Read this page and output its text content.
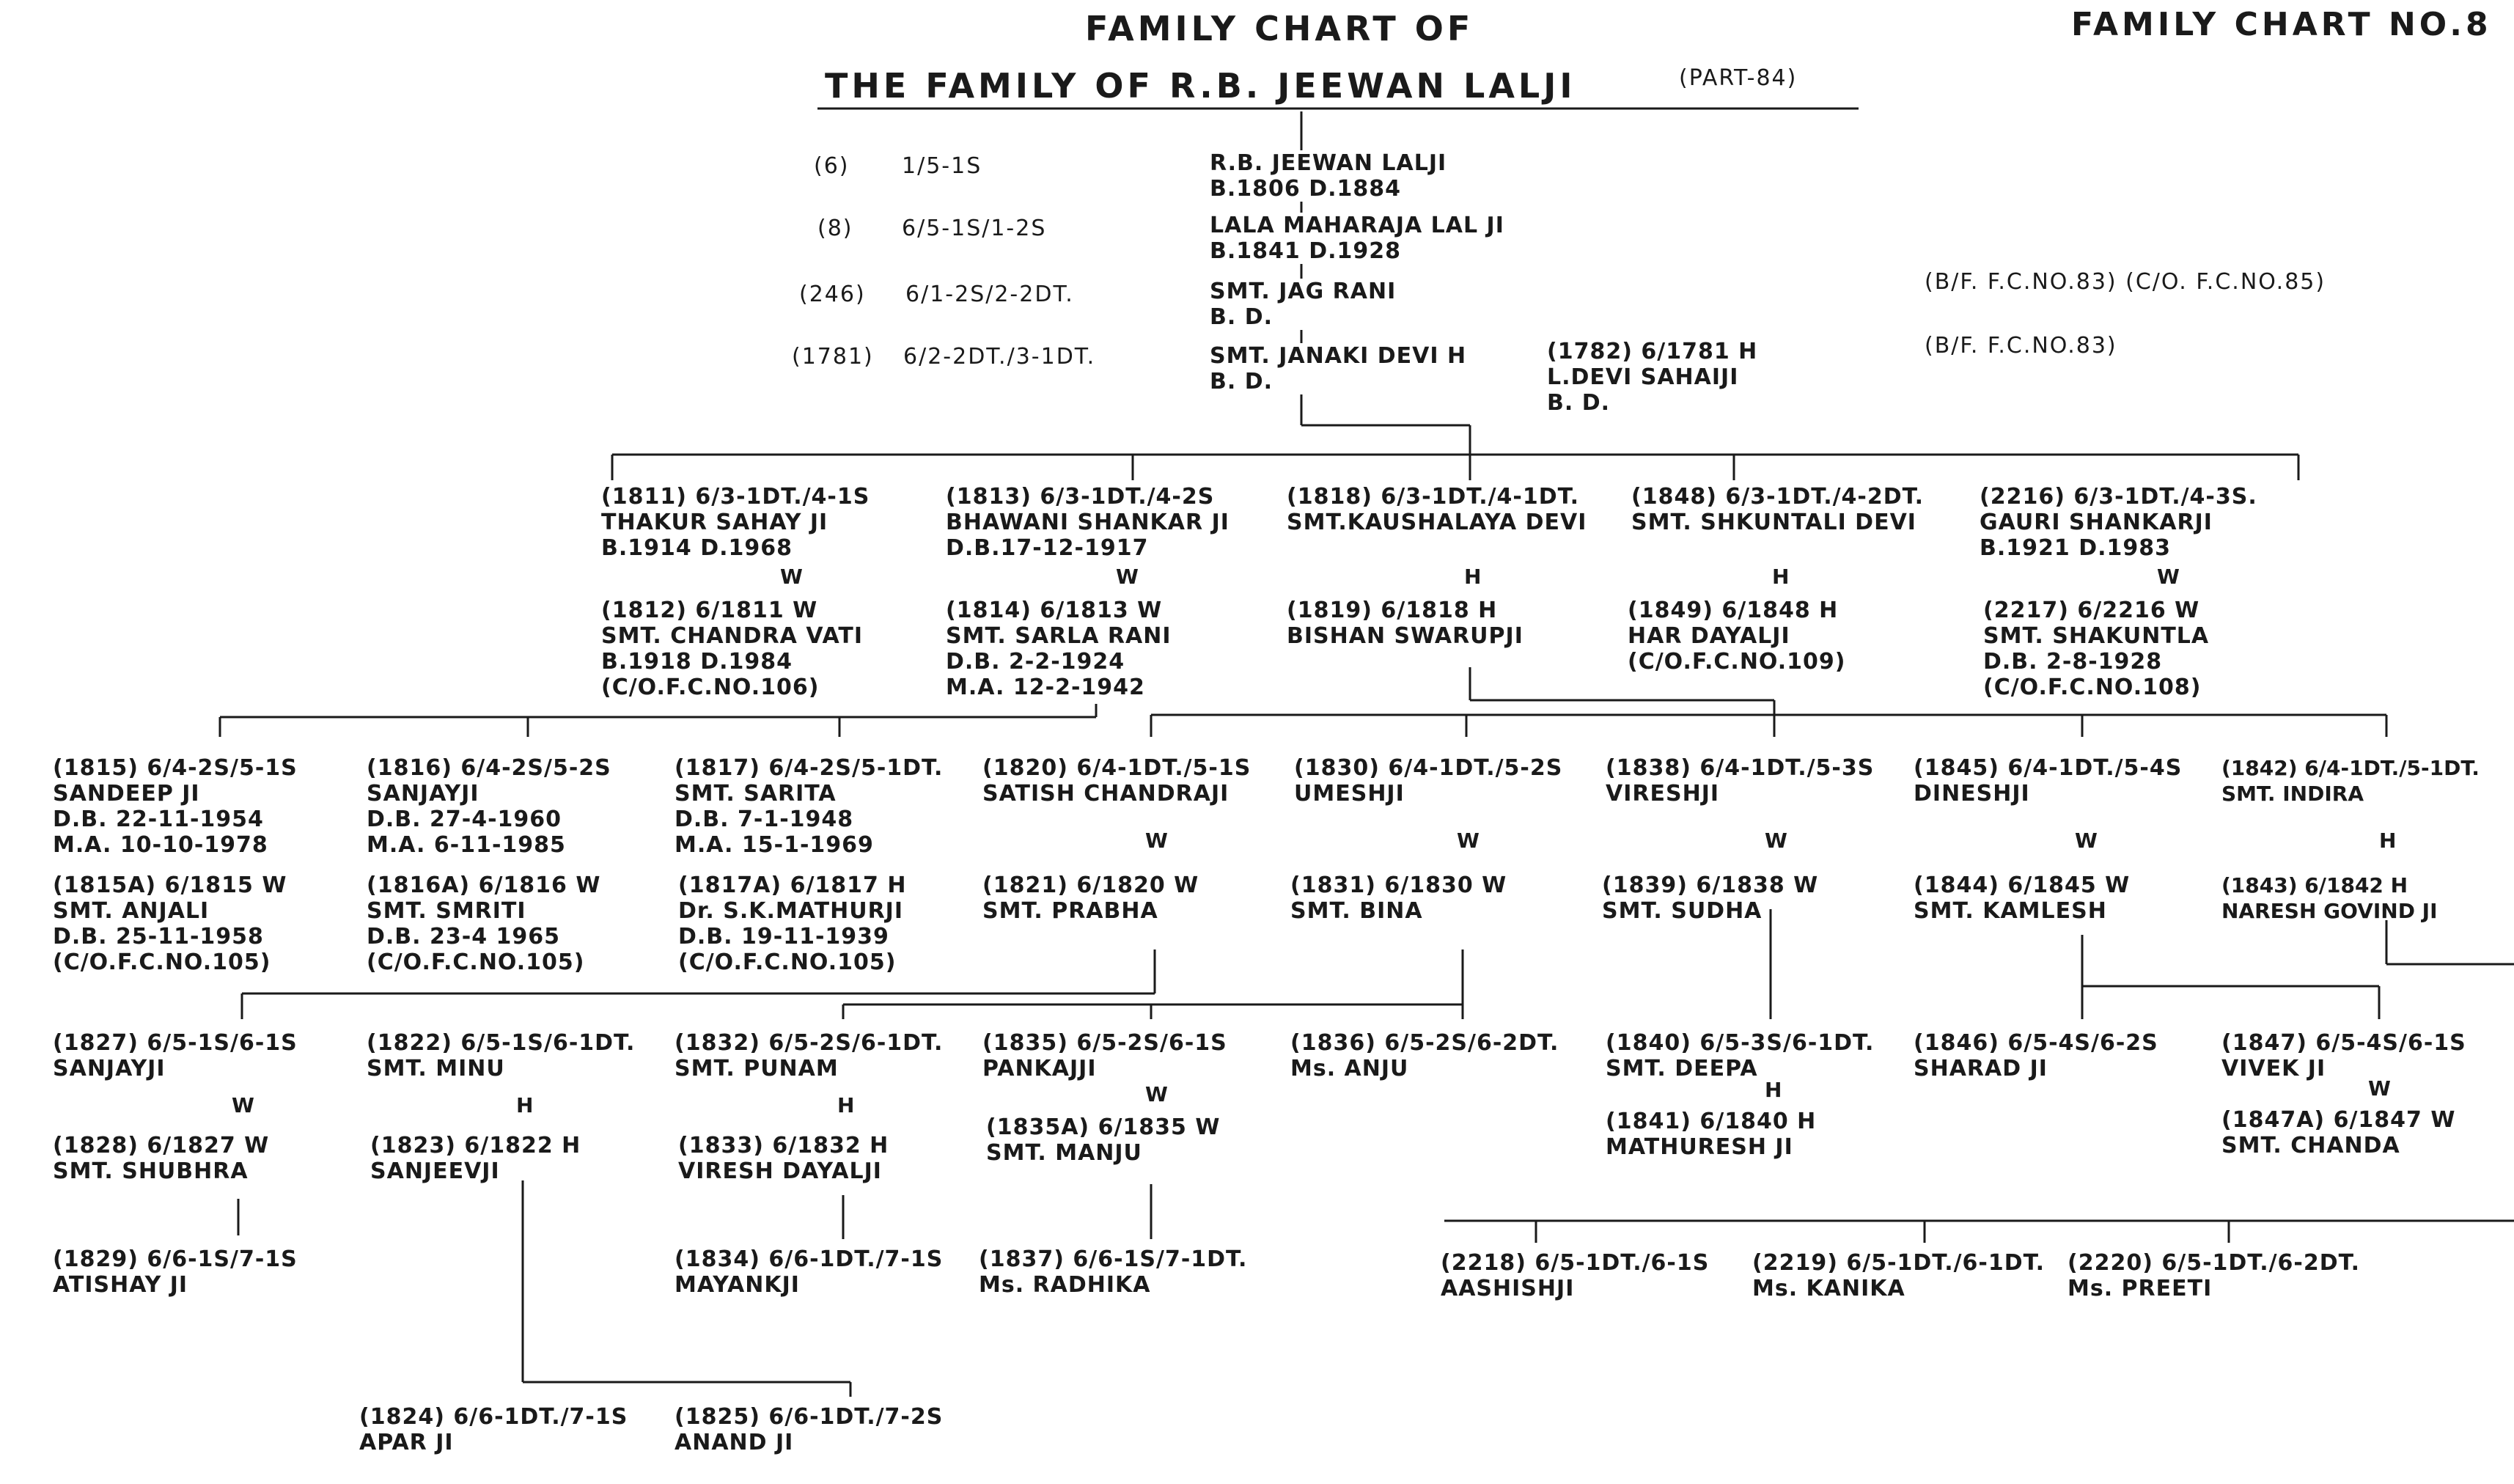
FAMILY CHART OF
THE FAMILY OF R.B. JEEWAN LALJI	(PART-84)
FAMILY CHART NO.8
(6) 1/5-1S	R.B. JEEWAN LALJI
B.1806 D.1884
(8) 6/5-1S/1-2S	LALA MAHARAJA LAL JI
B.1841 D.1928
(246) 6/1-2S/2-2DT.	SMT. JAG RANI
B. D.
(1781) 6/2-2DT./3-1DT.	SMT. JANAKI DEVI H
B. D.
(1782) 6/1781 H
L.DEVI SAHAIJI
B. D.
(B/F. F.C.NO.83) (C/O. F.C.NO.85)
(B/F. F.C.NO.83)
(1811) 6/3-1DT./4-1S
THAKUR SAHAY JI
B.1914 D.1968
W
(1812) 6/1811 W
SMT. CHANDRA VATI
B.1918 D.1984
(C/O.F.C.NO.106)
(1813) 6/3-1DT./4-2S
BHAWANI SHANKAR JI
D.B.17-12-1917
W
(1814) 6/1813 W
SMT. SARLA RANI
D.B. 2-2-1924
M.A. 12-2-1942
(1818) 6/3-1DT./4-1DT.
SMT.KAUSHALAYA DEVI
H
(1819) 6/1818 H
BISHAN SWARUPJI
(1848) 6/3-1DT./4-2DT.
SMT. SHKUNTALI DEVI
H
(1849) 6/1848 H
HAR DAYALJI
(C/O.F.C.NO.109)
(2216) 6/3-1DT./4-3S.
GAURI SHANKARJI
B.1921 D.1983
W
(2217) 6/2216 W
SMT. SHAKUNTLA
D.B. 2-8-1928
(C/O.F.C.NO.108)
(1815) 6/4-2S/5-1S
SANDEEP JI
D.B. 22-11-1954
M.A. 10-10-1978
(1815A) 6/1815 W
SMT. ANJALI
D.B. 25-11-1958
(C/O.F.C.NO.105)
(1816) 6/4-2S/5-2S
SANJAYJI
D.B. 27-4-1960
M.A. 6-11-1985
(1816A) 6/1816 W
SMT. SMRITI
D.B. 23-4 1965
(C/O.F.C.NO.105)
(1817) 6/4-2S/5-1DT.
SMT. SARITA
D.B. 7-1-1948
M.A. 15-1-1969
(1817A) 6/1817 H
Dr. S.K.MATHURJI
D.B. 19-11-1939
(C/O.F.C.NO.105)
(1820) 6/4-1DT./5-1S
SATISH CHANDRAJI
W
(1821) 6/1820 W
SMT. PRABHA
(1830) 6/4-1DT./5-2S
UMESHJI
W
(1831) 6/1830 W
SMT. BINA
(1838) 6/4-1DT./5-3S
VIRESHJI
W
(1839) 6/1838 W
SMT. SUDHA
(1845) 6/4-1DT./5-4S
DINESHJI
W
(1844) 6/1845 W
SMT. KAMLESH
(1842) 6/4-1DT./5-1DT.
SMT. INDIRA
H
(1843) 6/1842 H
NARESH GOVIND JI
(1827) 6/5-1S/6-1S
SANJAYJI
W
(1828) 6/1827 W
SMT. SHUBHRA
(1822) 6/5-1S/6-1DT.
SMT. MINU
H
(1823) 6/1822 H
SANJEEVJI
(1832) 6/5-2S/6-1DT.
SMT. PUNAM
H
(1833) 6/1832 H
VIRESH DAYALJI
(1835) 6/5-2S/6-1S
PANKAJJI
W
(1835A) 6/1835 W
SMT. MANJU
(1836) 6/5-2S/6-2DT.
Ms. ANJU
(1840) 6/5-3S/6-1DT.
SMT. DEEPA
H
(1841) 6/1840 H
MATHURESH JI
(1846) 6/5-4S/6-2S
SHARAD JI
(1847) 6/5-4S/6-1S
VIVEK JI
W
(1847A) 6/1847 W
SMT. CHANDA
(1829) 6/6-1S/7-1S
ATISHAY JI
(1834) 6/6-1DT./7-1S
MAYANKJI
(1837) 6/6-1S/7-1DT.
Ms. RADHIKA
(2218) 6/5-1DT./6-1S
AASHISHJI
(2219) 6/5-1DT./6-1DT.
Ms. KANIKA
(2220) 6/5-1DT./6-2DT.
Ms. PREETI
(1824) 6/6-1DT./7-1S
APAR JI
(1825) 6/6-1DT./7-2S
ANAND JI
